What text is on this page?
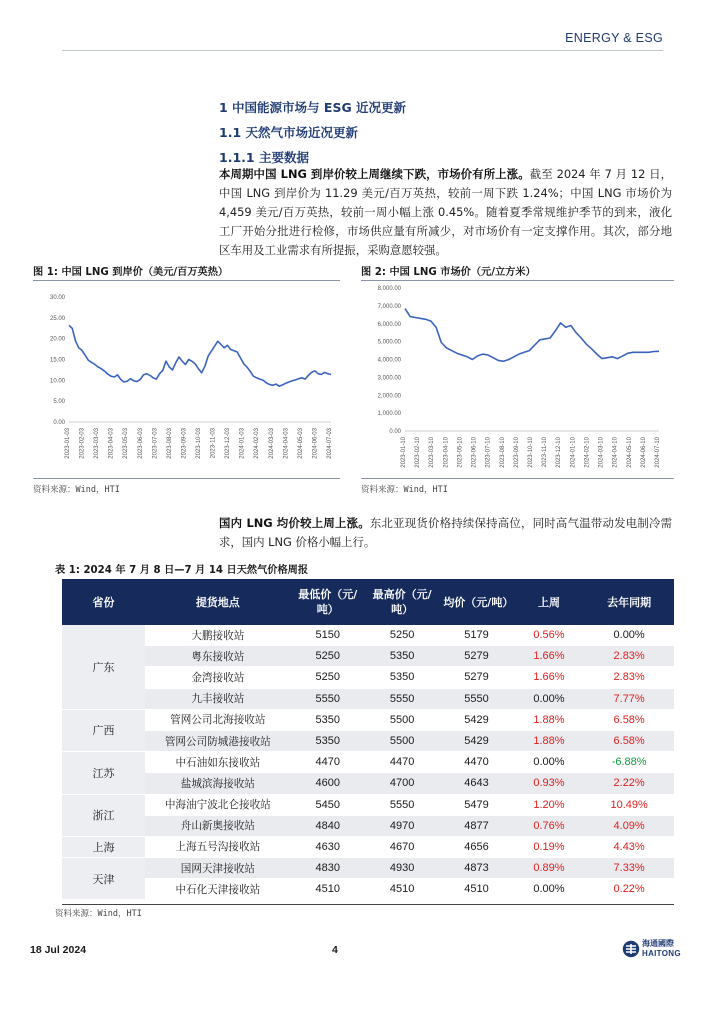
ENERGY & ESG
1 中国能源市场与 ESG 近况更新
1.1 天然气市场近况更新
1.1.1 主要数据
本周期中国 LNG 到岸价较上周继续下跌，市场价有所上涨。截至 2024 年 7 月 12 日，中国 LNG 到岸价为 11.29 美元/百万英热，较前一周下跌 1.24%；中国 LNG 市场价为 4,459 美元/百万英热，较前一周小幅上涨 0.45%。随着夏季常规维护季节的到来，液化工厂开始分批进行检修，市场供应量有所减少，对市场价有一定支撑作用。其次，部分地区车用及工业需求有所提振，采购意愿较强。
图 1: 中国 LNG 到岸价（美元/百万英热）
30.00
25.00
20.00
15.00
10.00
5.00
0.00
2023-01-03 2023-02-03 2023-03-03 2023-04-03 2023-05-03 2023-06-03 2023-07-03 2023-08-03 2023-09-03 2023-10-03 2023-11-03 2023-12-03 2024-01-03 2024-02-03 2024-03-03 2024-04-03 2024-05-03 2024-06-03 2024-07-03
资料来源：Wind，HTI
图 2: 中国 LNG 市场价（元/立方米）
8,000.00
7,000.00
6,000.00
5,000.00
4,000.00
3,000.00
2,000.00
1,000.00
0.00
2023-01-10 2023-02-10 2023-03-10 2023-04-10 2023-05-10 2023-06-10 2023-07-10 2023-08-10 2023-09-10 2023-10-10 2023-11-10 2023-12-10 2024-01-10 2024-02-10 2024-03-10 2024-04-10 2024-05-10 2024-06-10 2024-07-10
资料来源：Wind，HTI
国内 LNG 均价较上周上涨。东北亚现货价格持续保持高位，同时高气温带动发电制冷需求，国内 LNG 价格小幅上行。
表 1: 2024 年 7 月 8 日—7 月 14 日天然气价格周报
省份	提货地点	最低价（元/吨）	最高价（元/吨）	均价（元/吨）	上周	去年同期
广东	大鹏接收站	5150	5250	5179	0.56%	0.00%
	粤东接收站	5250	5350	5279	1.66%	2.83%
	金湾接收站	5250	5350	5279	1.66%	2.83%
	九丰接收站	5550	5550	5550	0.00%	7.77%
广西	管网公司北海接收站	5350	5500	5429	1.88%	6.58%
	管网公司防城港接收站	5350	5500	5429	1.88%	6.58%
江苏	中石油如东接收站	4470	4470	4470	0.00%	-6.88%
	盐城滨海接收站	4600	4700	4643	0.93%	2.22%
浙江	中海油宁波北仑接收站	5450	5550	5479	1.20%	10.49%
	舟山新奥接收站	4840	4970	4877	0.76%	4.09%
上海	上海五号沟接收站	4630	4670	4656	0.19%	4.43%
天津	国网天津接收站	4830	4930	4873	0.89%	7.33%
	中石化天津接收站	4510	4510	4510	0.00%	0.22%
资料来源：Wind，HTI
18 Jul 2024	4
海通國際
HAITONG
